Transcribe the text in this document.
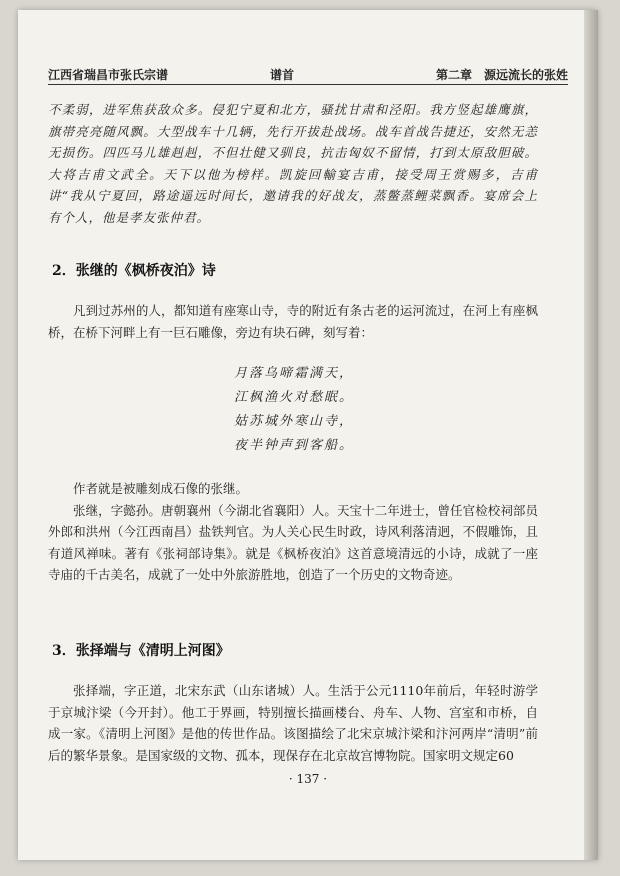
江西省瑞昌市张氏宗谱	谱首	第二章　源远流长的张姓
不柔弱，进军焦获敌众多。侵犯宁夏和北方，骚扰甘肃和泾阳。我方竖起雄鹰旗，旗帯亮亮随风飘。大型战车十几辆，先行开拔赴战场。战车首战告捷还，安然无恙无损伤。四匹马儿雄赳赳，不但壮健又驯良，抗击匈奴不留情，打到太原敌胆破。大将吉甫文武全。天下以他为榜样。凯旋回輸宴吉甫，接受周王赏赐多，吉甫讲“我从宁夏回，路途遥远时间长，邀请我的好战友，蒸鳖蒸鲤菜飘香。宴席会上有个人，他是孝友张仲君。
2．张继的《枫桥夜泊》诗
凡到过苏州的人，都知道有座寒山寺，寺的附近有条古老的运河流过，在河上有座枫桥，在桥下河畔上有一巨石雕像，旁边有块石碑，刻写着：
月落乌啼霜满天，
江枫渔火对愁眠。
姑苏城外寒山寺，
夜半钟声到客船。
作者就是被雕刻成石像的张继。
张继，字懿孙。唐朝襄州（今湖北省襄阳）人。天宝十二年进士，曾任官检校祠部员外郎和洪州（今江西南昌）盐铁判官。为人关心民生时政，诗风利落清迥，不假雕饰，且有道风禅味。著有《张祠部诗集》。就是《枫桥夜泊》这首意境清远的小诗，成就了一座寺庙的千古美名，成就了一处中外旅游胜地，创造了一个历史的文物奇迹。
3．张择端与《清明上河图》
张择端，字正道，北宋东武（山东诸城）人。生活于公元1110年前后，年轻时游学于京城汴梁（今开封）。他工于界画，特别擅长描画楼台、舟车、人物、宫室和市桥，自成一家。《清明上河图》是他的传世作品。该图描绘了北宋京城汴梁和汴河两岸“清明”前后的繁华景象。是国家级的文物、孤本，现保存在北京故宫博物院。国家明文规定60
· 137 ·
